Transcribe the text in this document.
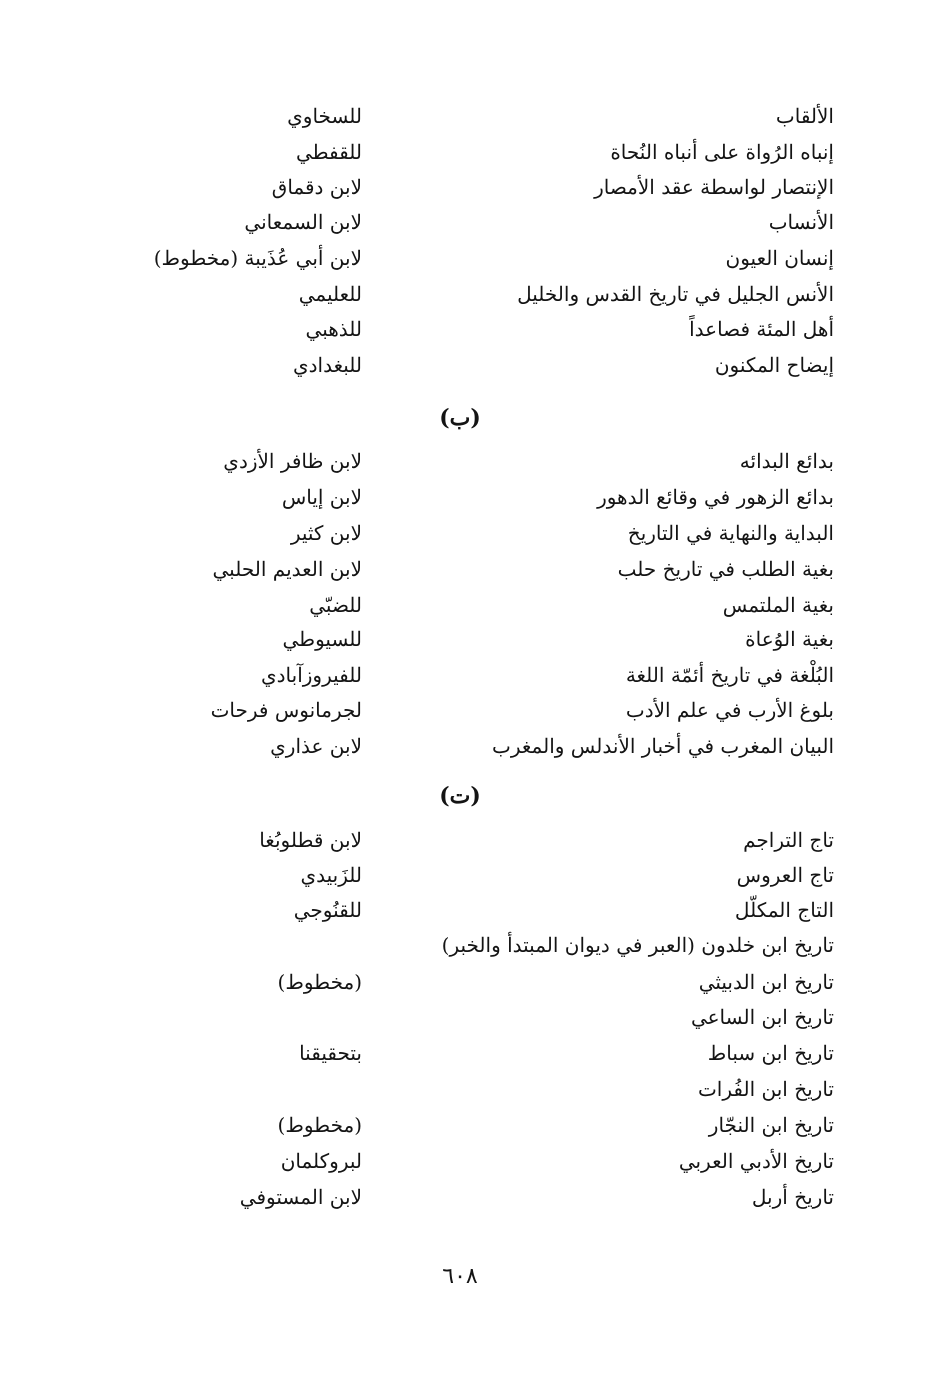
الألقاب
للسخاوي
إنباه الرُواة على أنباه النُحاة
للقفطي
الإنتصار لواسطة عقد الأمصار
لابن دقماق
الأنساب
لابن السمعاني
إنسان العيون
لابن أبي عُذَيبة (مخطوط)
الأنس الجليل في تاريخ القدس والخليل
للعليمي
أهل المئة فصاعداً
للذهبي
إيضاح المكنون
للبغدادي
(ب)
بدائع البدائه
لابن ظافر الأزدي
بدائع الزهور في وقائع الدهور
لابن إياس
البداية والنهاية في التاريخ
لابن كثير
بغية الطلب في تاريخ حلب
لابن العديم الحلبي
بغية الملتمس
للضبّي
بغية الوُعاة
للسيوطي
البُلْغة في تاريخ أئمّة اللغة
للفيروزآبادي
بلوغ الأرب في علم الأدب
لجرمانوس فرحات
البيان المغرب في أخبار الأندلس والمغرب
لابن عذاري
(ت)
تاج التراجم
لابن قطلوبُغا
تاج العروس
للزَبيدي
التاج المكلّل
للقنُوجي
تاريخ ابن خلدون (العبر في ديوان المبتدأ والخبر)
تاريخ ابن الدبيثي
(مخطوط)
تاريخ ابن الساعي
تاريخ ابن سباط
بتحقيقنا
تاريخ ابن الفُرات
تاريخ ابن النجّار
(مخطوط)
تاريخ الأدبي العربي
لبروكلمان
تاريخ أربل
لابن المستوفي
٦٠٨
